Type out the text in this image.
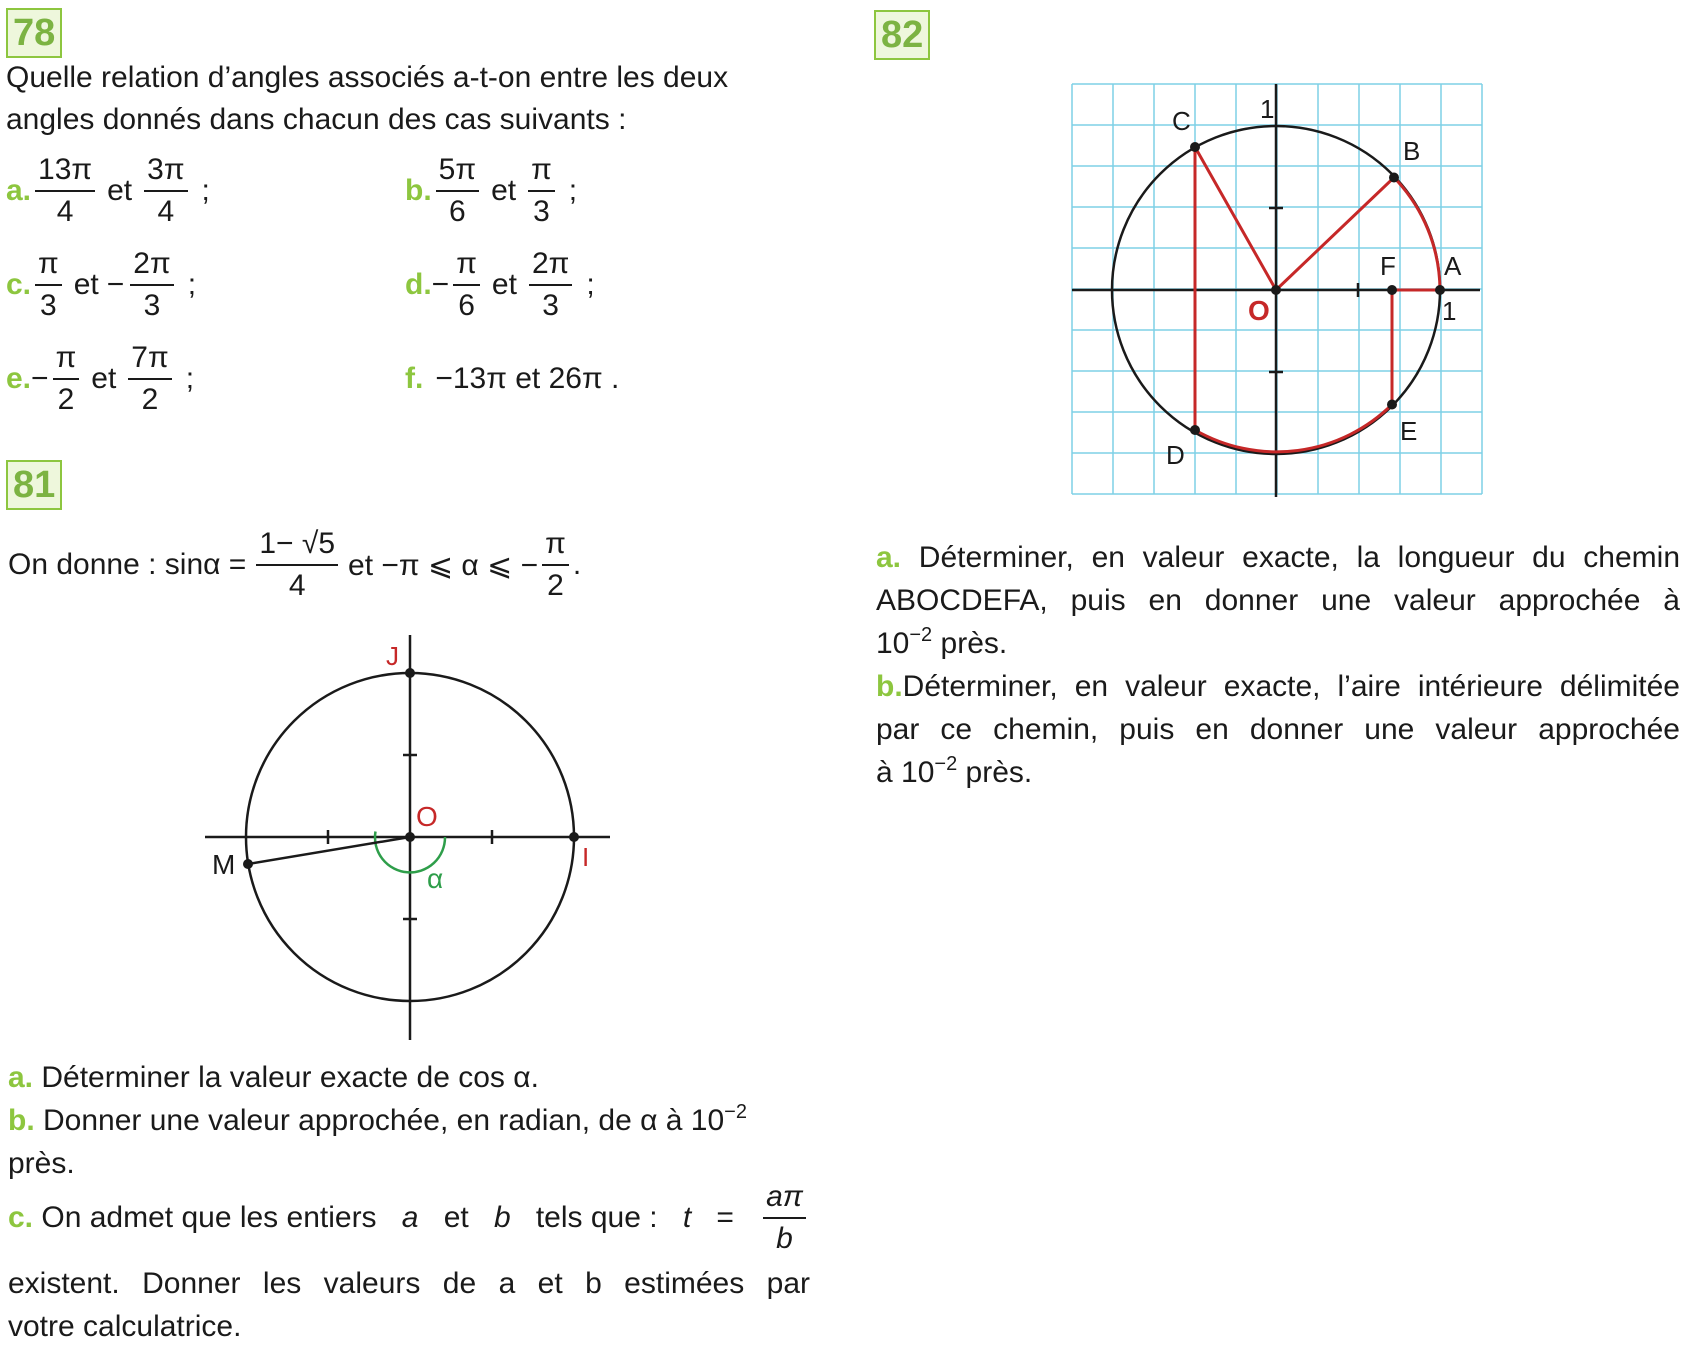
78
Quelle relation d’angles associés a-t-on entre les deux
angles donnés dans chacun des cas suivants :
a. $\frac{13\pi}{4}$ et $\frac{3\pi}{4}$ ;	b. $\frac{5\pi}{6}$ et $\frac{\pi}{3}$ ;
c. $\frac{\pi}{3}$ et − $\frac{2\pi}{3}$ ;	d. − $\frac{\pi}{6}$ et $\frac{2\pi}{3}$ ;
e. − $\frac{\pi}{2}$ et $\frac{7\pi}{2}$ ;	f. −13π et 26π .
81
On donne : $\sin\alpha = \frac{1- √5}{4}$ et −π ⩽ α ⩽ − $\frac{\pi}{2}$ .
J
O
I
M	α
a. Déterminer la valeur exacte de cos α.
b. Donner une valeur approchée, en radian, de α à $10^{-2}$
près.
c. On admet que les entiers a et b tels que : $t = \frac{a\pi}{b}$
existent. Donner les valeurs de a et b estimées par
votre calculatrice.
82
1
1
C
B
A
F
O
E
D
a. Déterminer, en valeur exacte, la longueur du chemin
ABOCDEFA, puis en donner une valeur approchée à
$10^{-2}$ près.
b.Déterminer, en valeur exacte, l’aire intérieure délimitée
par ce chemin, puis en donner une valeur approchée
à $10^{-2}$ près.
